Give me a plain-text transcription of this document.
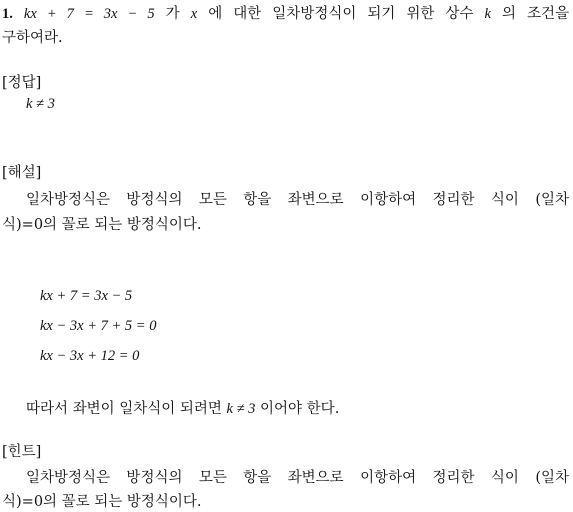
1. kx + 7 = 3x − 5 가 x 에 대한 일차방정식이 되기 위한 상수 k 의 조건을
구하여라.
[정답]
k ≠ 3
[해설]
일차방정식은 방정식의 모든 항을 좌변으로 이항하여 정리한 식이 (일차
식)=0의 꼴로 되는 방정식이다.
kx + 7 = 3x − 5
kx − 3x + 7 + 5 = 0
kx − 3x + 12 = 0
따라서 좌변이 일차식이 되려면 k ≠ 3 이어야 한다.
[힌트]
일차방정식은 방정식의 모든 항을 좌변으로 이항하여 정리한 식이 (일차
식)=0의 꼴로 되는 방정식이다.
